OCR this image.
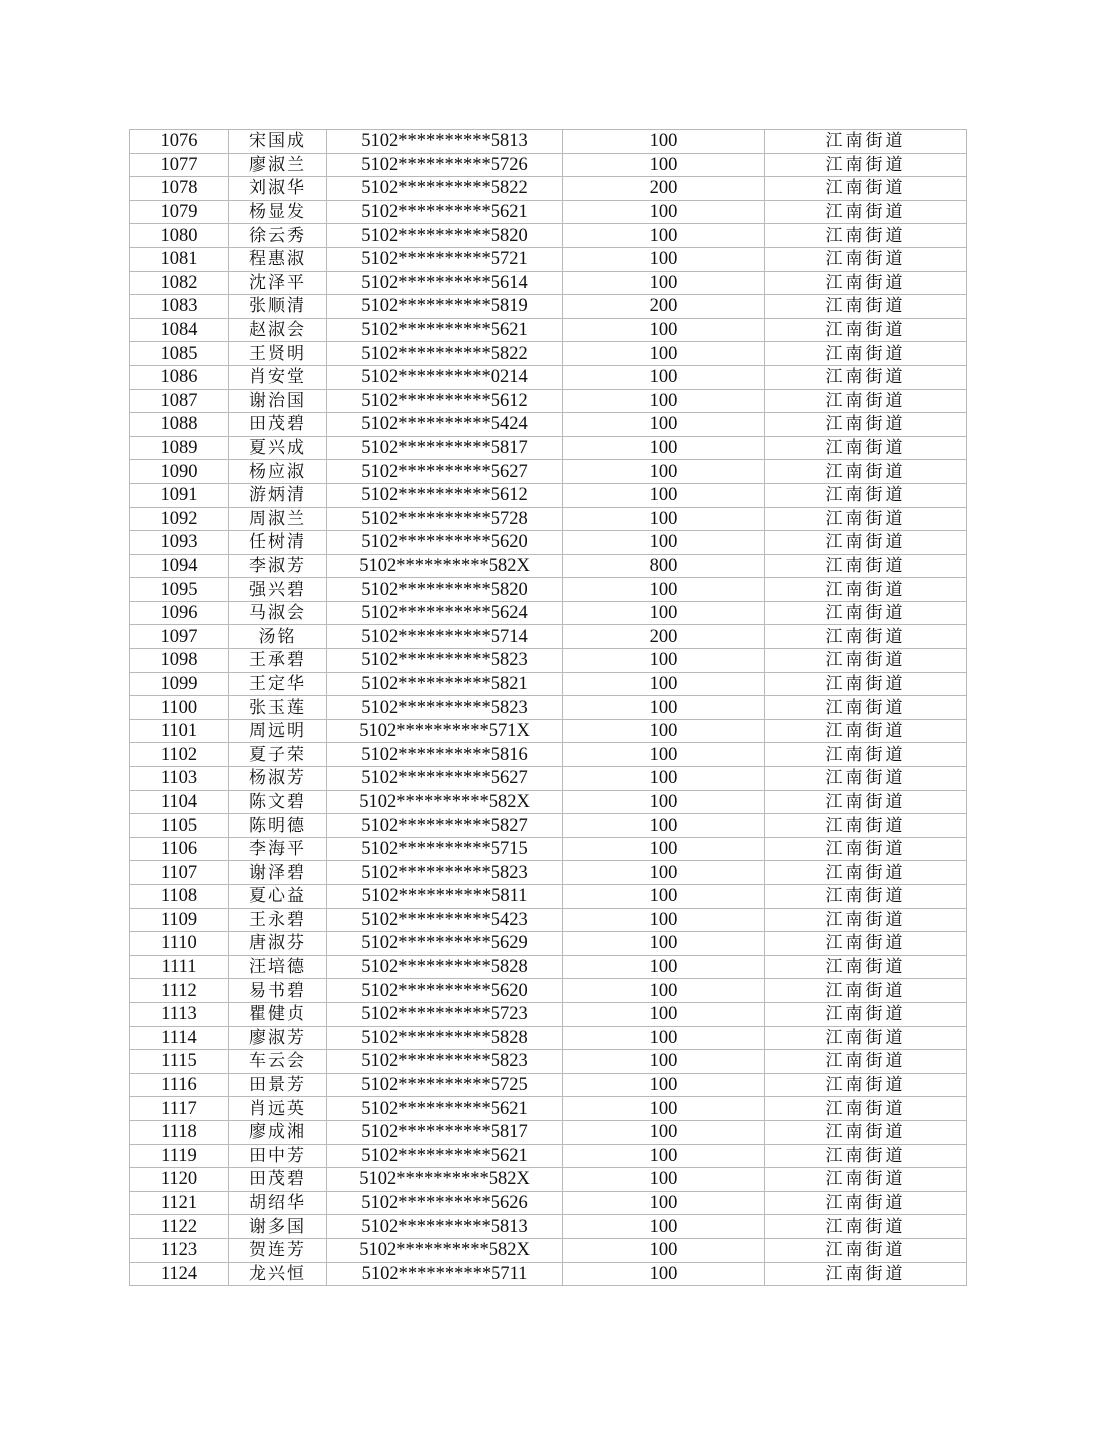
1076	宋国成	5102**********5813	100	江南街道
1077	廖淑兰	5102**********5726	100	江南街道
1078	刘淑华	5102**********5822	200	江南街道
1079	杨显发	5102**********5621	100	江南街道
1080	徐云秀	5102**********5820	100	江南街道
1081	程惠淑	5102**********5721	100	江南街道
1082	沈泽平	5102**********5614	100	江南街道
1083	张顺清	5102**********5819	200	江南街道
1084	赵淑会	5102**********5621	100	江南街道
1085	王贤明	5102**********5822	100	江南街道
1086	肖安堂	5102**********0214	100	江南街道
1087	谢治国	5102**********5612	100	江南街道
1088	田茂碧	5102**********5424	100	江南街道
1089	夏兴成	5102**********5817	100	江南街道
1090	杨应淑	5102**********5627	100	江南街道
1091	游炳清	5102**********5612	100	江南街道
1092	周淑兰	5102**********5728	100	江南街道
1093	任树清	5102**********5620	100	江南街道
1094	李淑芳	5102**********582X	800	江南街道
1095	强兴碧	5102**********5820	100	江南街道
1096	马淑会	5102**********5624	100	江南街道
1097	汤铭	5102**********5714	200	江南街道
1098	王承碧	5102**********5823	100	江南街道
1099	王定华	5102**********5821	100	江南街道
1100	张玉莲	5102**********5823	100	江南街道
1101	周远明	5102**********571X	100	江南街道
1102	夏子荣	5102**********5816	100	江南街道
1103	杨淑芳	5102**********5627	100	江南街道
1104	陈文碧	5102**********582X	100	江南街道
1105	陈明德	5102**********5827	100	江南街道
1106	李海平	5102**********5715	100	江南街道
1107	谢泽碧	5102**********5823	100	江南街道
1108	夏心益	5102**********5811	100	江南街道
1109	王永碧	5102**********5423	100	江南街道
1110	唐淑芬	5102**********5629	100	江南街道
1111	汪培德	5102**********5828	100	江南街道
1112	易书碧	5102**********5620	100	江南街道
1113	瞿健贞	5102**********5723	100	江南街道
1114	廖淑芳	5102**********5828	100	江南街道
1115	车云会	5102**********5823	100	江南街道
1116	田景芳	5102**********5725	100	江南街道
1117	肖远英	5102**********5621	100	江南街道
1118	廖成湘	5102**********5817	100	江南街道
1119	田中芳	5102**********5621	100	江南街道
1120	田茂碧	5102**********582X	100	江南街道
1121	胡绍华	5102**********5626	100	江南街道
1122	谢多国	5102**********5813	100	江南街道
1123	贺连芳	5102**********582X	100	江南街道
1124	龙兴恒	5102**********5711	100	江南街道
